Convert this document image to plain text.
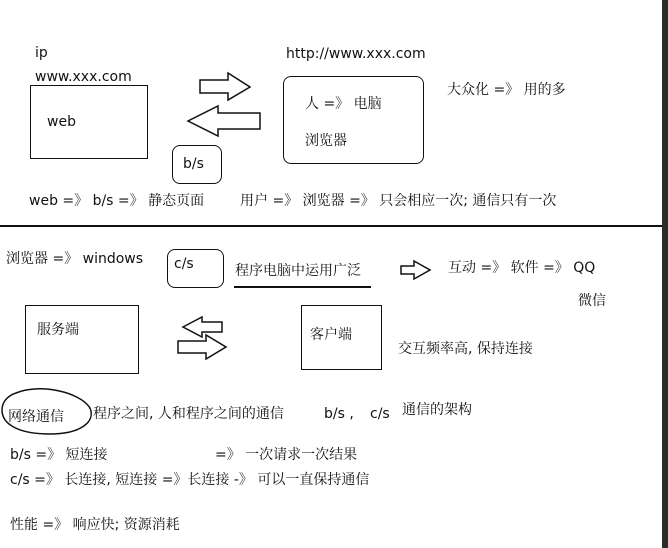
ip
www.xxx.com
web
http://www.xxx.com
人 =》 电脑
浏览器
大众化 =》 用的多
b/s
web =》 b/s =》 静态页面	用户 =》 浏览器 =》 只会相应一次; 通信只有一次
浏览器 =》 windows c/s	程序电脑中运用广泛	互动 =》 软件 =》 QQ
微信
服务端	客户端
交互频率高, 保持连接
网络通信 程序之间, 人和程序之间的通信	b/s , c/s 通信的架构
b/s =》 短连接	=》 一次请求一次结果
c/s =》 长连接, 短连接 =》长连接 -》 可以一直保持通信
性能 =》 响应快; 资源消耗
